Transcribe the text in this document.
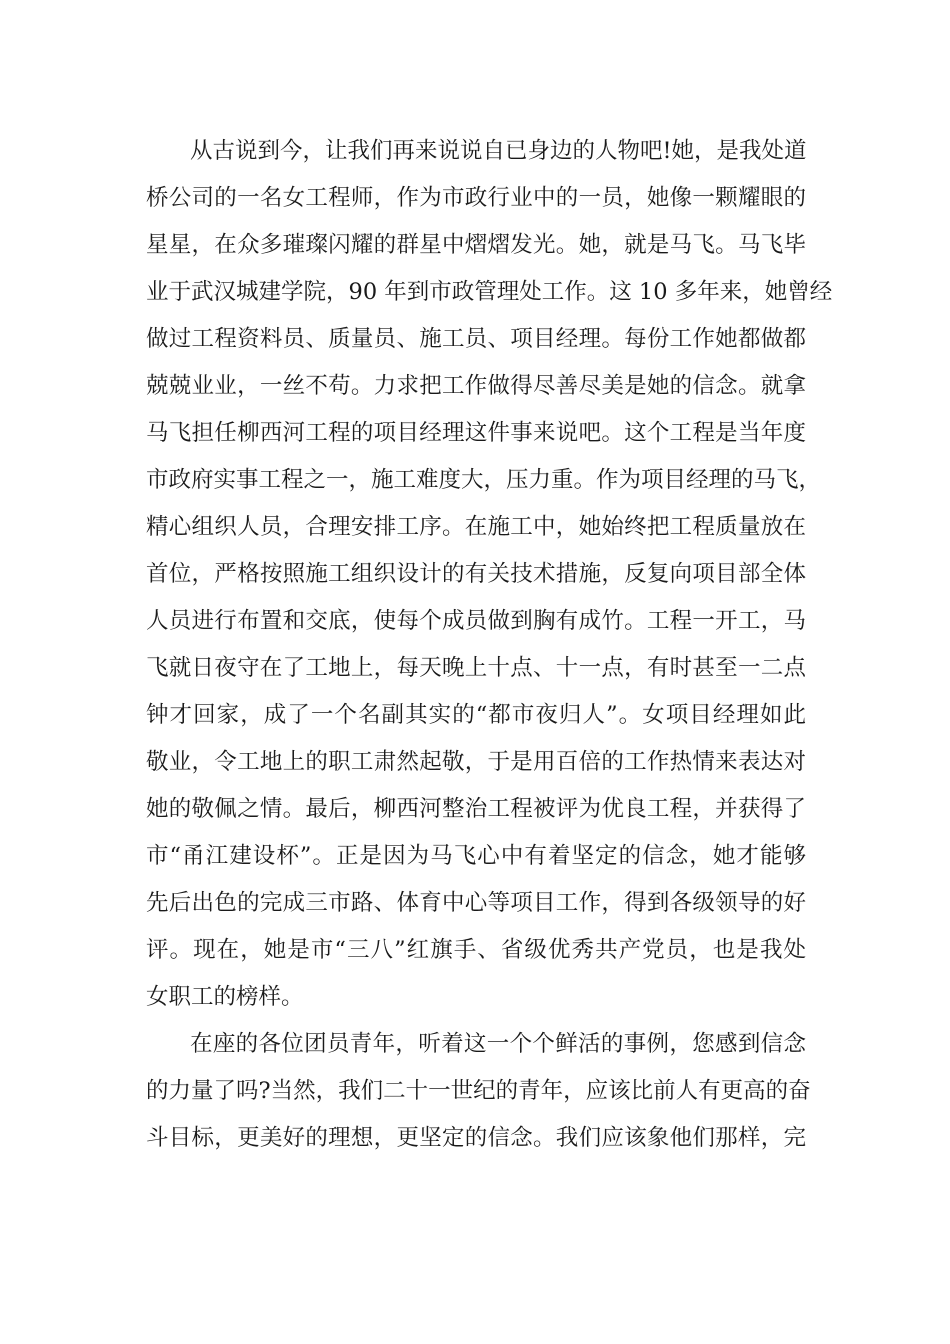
从古说到今，让我们再来说说自已身边的人物吧!她，是我处道
桥公司的一名女工程师，作为市政行业中的一员，她像一颗耀眼的
星星，在众多璀璨闪耀的群星中熠熠发光。她，就是马飞。马飞毕
业于武汉城建学院，90 年到市政管理处工作。这 10 多年来，她曾经
做过工程资料员、质量员、施工员、项目经理。每份工作她都做都
兢兢业业，一丝不苟。力求把工作做得尽善尽美是她的信念。就拿
马飞担任柳西河工程的项目经理这件事来说吧。这个工程是当年度
市政府实事工程之一，施工难度大，压力重。作为项目经理的马飞，
精心组织人员，合理安排工序。在施工中，她始终把工程质量放在
首位，严格按照施工组织设计的有关技术措施，反复向项目部全体
人员进行布置和交底，使每个成员做到胸有成竹。工程一开工，马
飞就日夜守在了工地上，每天晚上十点、十一点，有时甚至一二点
钟才回家，成了一个名副其实的“都市夜归人”。女项目经理如此
敬业，令工地上的职工肃然起敬，于是用百倍的工作热情来表达对
她的敬佩之情。最后，柳西河整治工程被评为优良工程，并获得了
市“甬江建设杯”。正是因为马飞心中有着坚定的信念，她才能够
先后出色的完成三市路、体育中心等项目工作，得到各级领导的好
评。现在，她是市“三八”红旗手、省级优秀共产党员，也是我处
女职工的榜样。
在座的各位团员青年，听着这一个个鲜活的事例，您感到信念
的力量了吗?当然，我们二十一世纪的青年，应该比前人有更高的奋
斗目标，更美好的理想，更坚定的信念。我们应该象他们那样，完
